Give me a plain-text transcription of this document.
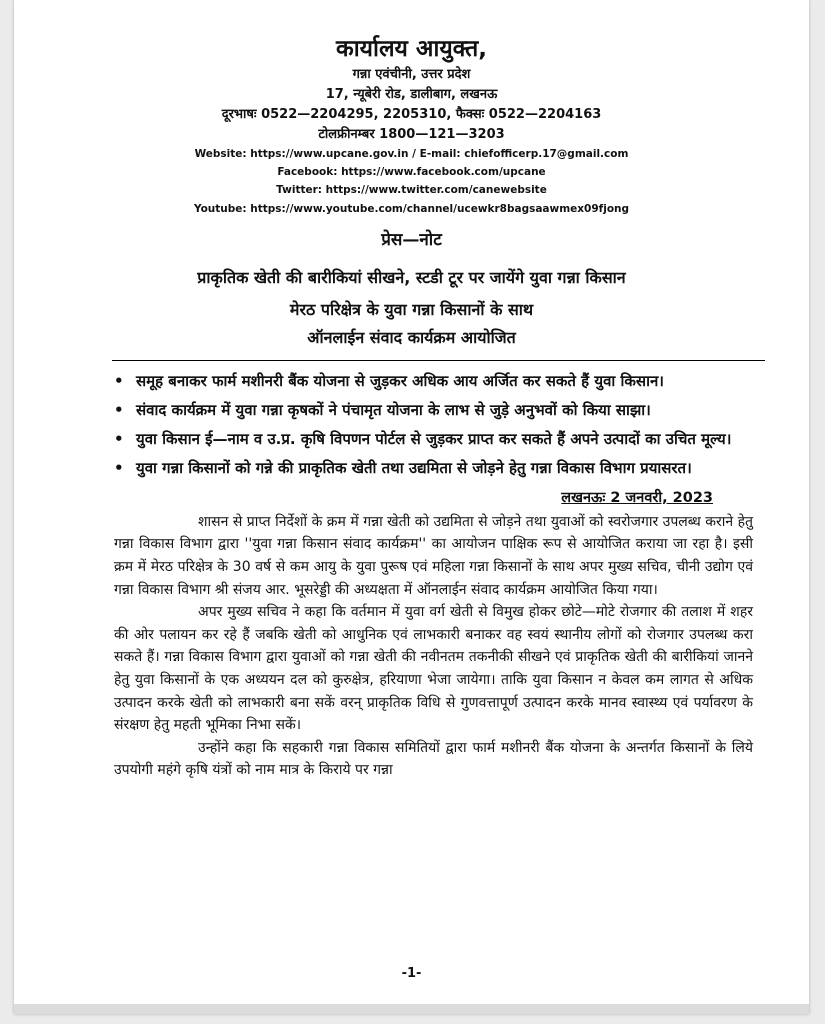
कार्यालय आयुक्त,

गन्ना एवंचीनी, उत्तर प्रदेश

17, न्यूबेरी रोड, डालीबाग, लखनऊ

दूरभाषः 0522—2204295, 2205310, फैक्सः 0522—2204163

टोलफ्रीनम्बर 1800—121—3203

Website: https://www.upcane.gov.in / E-mail: chiefofficerp.17@gmail.com

Facebook: https://www.facebook.com/upcane

Twitter: https://www.twitter.com/canewebsite

Youtube: https://www.youtube.com/channel/ucewkr8bagsaawmex09fjong

प्रेस—नोट

प्राकृतिक खेती की बारीकियां सीखने, स्टडी टूर पर जायेंगे युवा गन्ना किसान

मेरठ परिक्षेत्र के युवा गन्ना किसानों के साथ

ऑनलाईन संवाद कार्यक्रम आयोजित

• समूह बनाकर फार्म मशीनरी बैंक योजना से जुड़कर अधिक आय अर्जित कर सकते हैं युवा किसान।
• संवाद कार्यक्रम में युवा गन्ना कृषकों ने पंचामृत योजना के लाभ से जुड़े अनुभवों को किया साझा।
• युवा किसान ई—नाम व उ.प्र. कृषि विपणन पोर्टल से जुड़कर प्राप्त कर सकते हैं अपने उत्पादों का उचित मूल्य।
• युवा गन्ना किसानों को गन्ने की प्राकृतिक खेती तथा उद्यमिता से जोड़ने हेतु गन्ना विकास विभाग प्रयासरत।

लखनऊः 2 जनवरी, 2023

शासन से प्राप्त निर्देशों के क्रम में गन्ना खेती को उद्यमिता से जोड़ने तथा युवाओं को स्वरोजगार उपलब्ध कराने हेतु गन्ना विकास विभाग द्वारा ''युवा गन्ना किसान संवाद कार्यक्रम'' का आयोजन पाक्षिक रूप से आयोजित कराया जा रहा है। इसी क्रम में मेरठ परिक्षेत्र के 30 वर्ष से कम आयु के युवा पुरूष एवं महिला गन्ना किसानों के साथ अपर मुख्य सचिव, चीनी उद्योग एवं गन्ना विकास विभाग श्री संजय आर. भूसरेड्डी की अध्यक्षता में ऑनलाईन संवाद कार्यक्रम आयोजित किया गया।

अपर मुख्य सचिव ने कहा कि वर्तमान में युवा वर्ग खेती से विमुख होकर छोटे—मोटे रोजगार की तलाश में शहर की ओर पलायन कर रहे हैं जबकि खेती को आधुनिक एवं लाभकारी बनाकर वह स्वयं स्थानीय लोगों को रोजगार उपलब्ध करा सकते हैं। गन्ना विकास विभाग द्वारा युवाओं को गन्ना खेती की नवीनतम तकनीकी सीखने एवं प्राकृतिक खेती की बारीकियां जानने हेतु युवा किसानों के एक अध्ययन दल को कुरुक्षेत्र, हरियाणा भेजा जायेगा। ताकि युवा किसान न केवल कम लागत से अधिक उत्पादन करके खेती को लाभकारी बना सकें वरन् प्राकृतिक विधि से गुणवत्तापूर्ण उत्पादन करके मानव स्वास्थ्य एवं पर्यावरण के संरक्षण हेतु महती भूमिका निभा सकें।

उन्होंने कहा कि सहकारी गन्ना विकास समितियों द्वारा फार्म मशीनरी बैंक योजना के अन्तर्गत किसानों के लिये उपयोगी महंगे कृषि यंत्रों को नाम मात्र के किराये पर गन्ना

-1-
